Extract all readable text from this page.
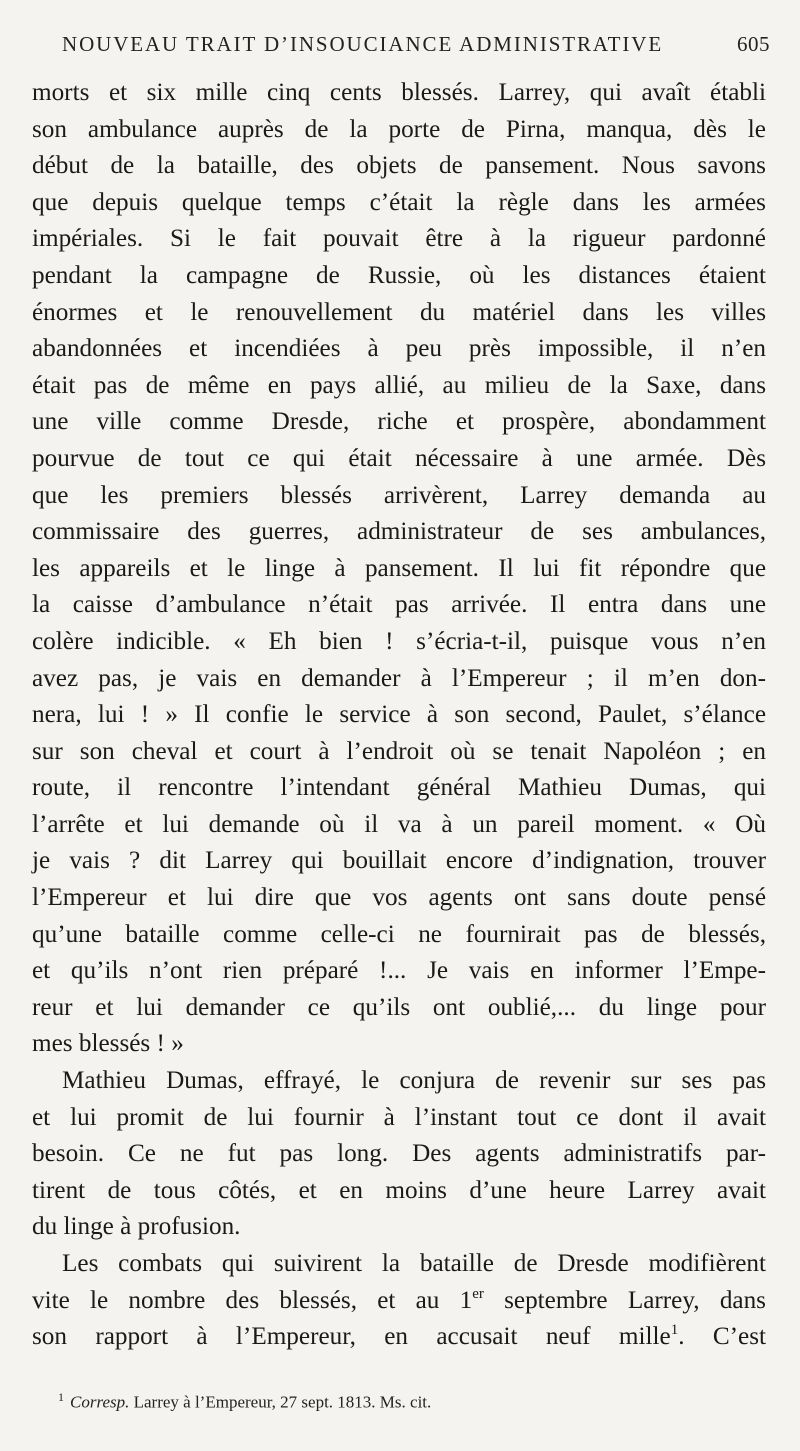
NOUVEAU TRAIT D’INSOUCIANCE ADMINISTRATIVE	605
morts et six mille cinq cents blessés. Larrey, qui avaît établi
son ambulance auprès de la porte de Pirna, manqua, dès le
début de la bataille, des objets de pansement. Nous savons
que depuis quelque temps c’était la règle dans les armées
impériales. Si le fait pouvait être à la rigueur pardonné
pendant la campagne de Russie, où les distances étaient
énormes et le renouvellement du matériel dans les villes
abandonnées et incendiées à peu près impossible, il n’en
était pas de même en pays allié, au milieu de la Saxe, dans
une ville comme Dresde, riche et prospère, abondamment
pourvue de tout ce qui était nécessaire à une armée. Dès
que les premiers blessés arrivèrent, Larrey demanda au
commissaire des guerres, administrateur de ses ambulances,
les appareils et le linge à pansement. Il lui fit répondre que
la caisse d’ambulance n’était pas arrivée. Il entra dans une
colère indicible. « Eh bien ! s’écria-t-il, puisque vous n’en
avez pas, je vais en demander à l’Empereur ; il m’en don-
nera, lui ! » Il confie le service à son second, Paulet, s’élance
sur son cheval et court à l’endroit où se tenait Napoléon ; en
route, il rencontre l’intendant général Mathieu Dumas, qui
l’arrête et lui demande où il va à un pareil moment. « Où
je vais ? dit Larrey qui bouillait encore d’indignation, trouver
l’Empereur et lui dire que vos agents ont sans doute pensé
qu’une bataille comme celle-ci ne fournirait pas de blessés,
et qu’ils n’ont rien préparé !... Je vais en informer l’Empe-
reur et lui demander ce qu’ils ont oublié,... du linge pour
mes blessés ! »
Mathieu Dumas, effrayé, le conjura de revenir sur ses pas
et lui promit de lui fournir à l’instant tout ce dont il avait
besoin. Ce ne fut pas long. Des agents administratifs par-
tirent de tous côtés, et en moins d’une heure Larrey avait
du linge à profusion.
Les combats qui suivirent la bataille de Dresde modifièrent
vite le nombre des blessés, et au 1er septembre Larrey, dans
son rapport à l’Empereur, en accusait neuf mille$^1$. C’est
$^1$ Corresp. Larrey à l’Empereur, 27 sept. 1813. Ms. cit.
